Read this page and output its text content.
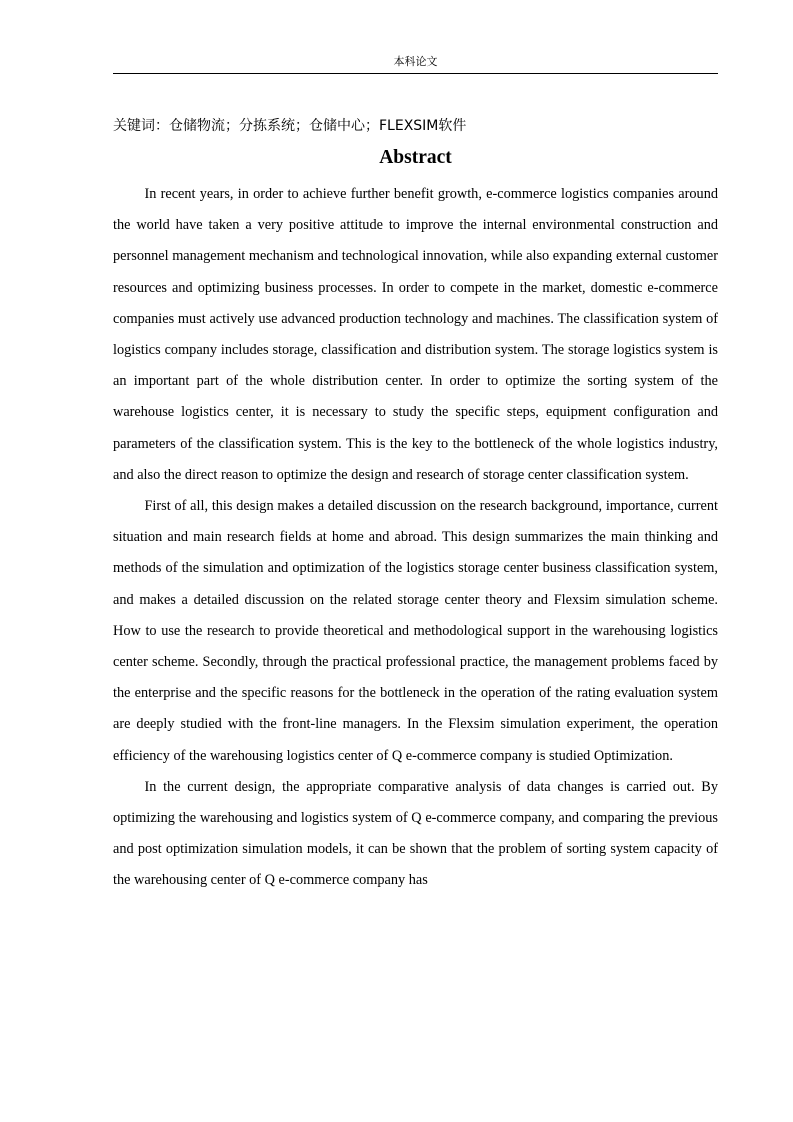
本科论文
关键词：仓储物流；分拣系统；仓储中心；FLEXSIM软件
Abstract

In recent years, in order to achieve further benefit growth, e-commerce logistics companies around the world have taken a very positive attitude to improve the internal environmental construction and personnel management mechanism and technological innovation, while also expanding external customer resources and optimizing business processes. In order to compete in the market, domestic e-commerce companies must actively use advanced production technology and machines. The classification system of logistics company includes storage, classification and distribution system. The storage logistics system is an important part of the whole distribution center. In order to optimize the sorting system of the warehouse logistics center, it is necessary to study the specific steps, equipment configuration and parameters of the classification system. This is the key to the bottleneck of the whole logistics industry, and also the direct reason to optimize the design and research of storage center classification system.

First of all, this design makes a detailed discussion on the research background, importance, current situation and main research fields at home and abroad. This design summarizes the main thinking and methods of the simulation and optimization of the logistics storage center business classification system, and makes a detailed discussion on the related storage center theory and Flexsim simulation scheme. How to use the research to provide theoretical and methodological support in the warehousing logistics center scheme. Secondly, through the practical professional practice, the management problems faced by the enterprise and the specific reasons for the bottleneck in the operation of the rating evaluation system are deeply studied with the front-line managers. In the Flexsim simulation experiment, the operation efficiency of the warehousing logistics center of Q e-commerce company is studied Optimization.

In the current design, the appropriate comparative analysis of data changes is carried out. By optimizing the warehousing and logistics system of Q e-commerce company, and comparing the previous and post optimization simulation models, it can be shown that the problem of sorting system capacity of the warehousing center of Q e-commerce company has
